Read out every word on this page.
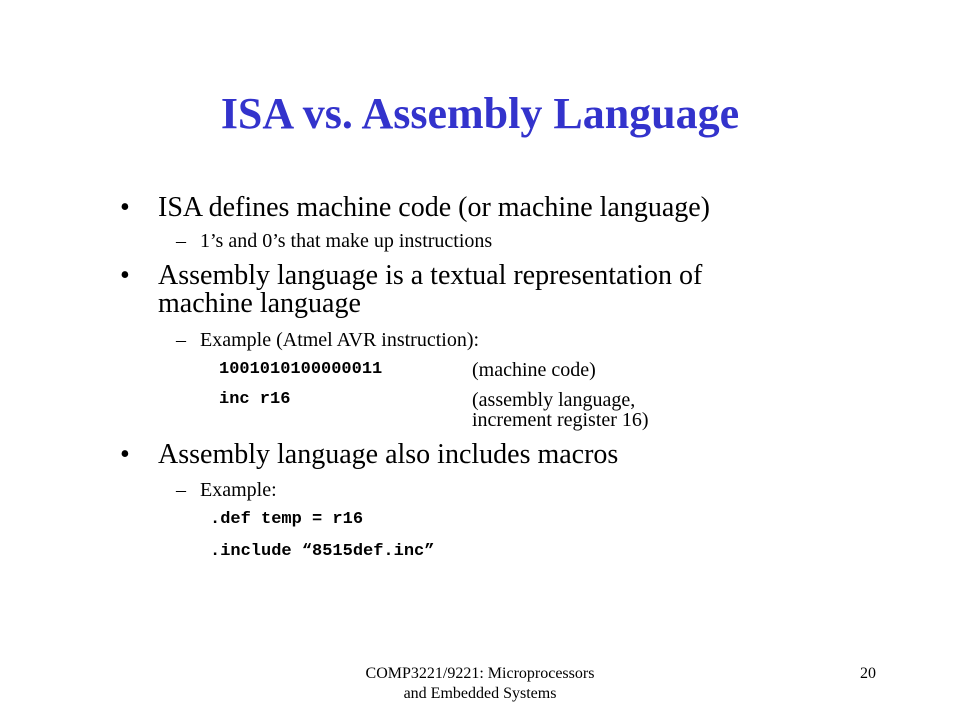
ISA vs. Assembly Language
• ISA defines machine code (or machine language)
– 1’s and 0’s that make up instructions
• Assembly language is a textual representation of
machine language
– Example (Atmel AVR instruction):
1001010100000011	(machine code)
inc r16	(assembly language,
increment register 16)
• Assembly language also includes macros
– Example:
.def temp = r16
.include “8515def.inc”
COMP3221/9221: Microprocessors
and Embedded Systems
20
